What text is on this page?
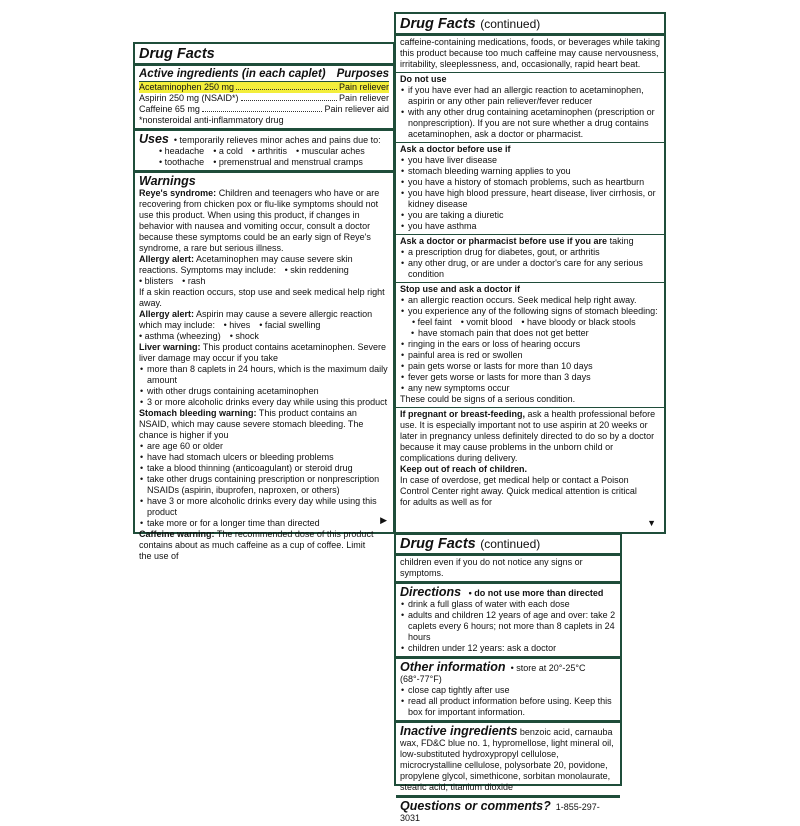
Drug Facts
Active ingredients (in each caplet) Purposes
Acetaminophen 250 mg	Pain reliever
Aspirin 250 mg (NSAID*)	Pain reliever
Caffeine 65 mg	Pain reliever aid
*nonsteroidal anti-inflammatory drug
Uses • temporarily relieves minor aches and pains due to:
• headache • a cold • arthritis • muscular aches
• toothache • premenstrual and menstrual cramps
Warnings
Reye's syndrome: Children and teenagers who have or are recovering from chicken pox or flu-like symptoms should not use this product. When using this product, if changes in behavior with nausea and vomiting occur, consult a doctor because these symptoms could be an early sign of Reye's syndrome, a rare but serious illness.
Allergy alert: Acetaminophen may cause severe skin reactions. Symptoms may include: • skin reddening• blisters • rash
If a skin reaction occurs, stop use and seek medical help right away.
Allergy alert: Aspirin may cause a severe allergic reaction which may include: • hives • facial swelling• asthma (wheezing) • shock
Liver warning: This product contains acetaminophen. Severe liver damage may occur if you take
• more than 8 caplets in 24 hours, which is the maximum daily amount
• with other drugs containing acetaminophen
• 3 or more alcoholic drinks every day while using this product
Stomach bleeding warning: This product contains an NSAID, which may cause severe stomach bleeding. The chance is higher if you
• are age 60 or older
• have had stomach ulcers or bleeding problems
• take a blood thinning (anticoagulant) or steroid drug
• take other drugs containing prescription or nonprescription NSAIDs (aspirin, ibuprofen, naproxen, or others)
• have 3 or more alcoholic drinks every day while using this product
• take more or for a longer time than directed
Caffeine warning: The recommended dose of this product contains about as much caffeine as a cup of coffee. Limit the use of
▶
Drug Facts (continued)
caffeine-containing medications, foods, or beverages while taking this product because too much caffeine may cause nervousness, irritability, sleeplessness, and, occasionally, rapid heart beat.
Do not use
• if you have ever had an allergic reaction to acetaminophen, aspirin or any other pain reliever/fever reducer
• with any other drug containing acetaminophen (prescription or nonprescription). If you are not sure whether a drug contains acetaminophen, ask a doctor or pharmacist.
Ask a doctor before use if
• you have liver disease
• stomach bleeding warning applies to you
• you have a history of stomach problems, such as heartburn
• you have high blood pressure, heart disease, liver cirrhosis, or kidney disease
• you are taking a diuretic
• you have asthma
Ask a doctor or pharmacist before use if you are taking
• a prescription drug for diabetes, gout, or arthritis
• any other drug, or are under a doctor's care for any serious condition
Stop use and ask a doctor if
• an allergic reaction occurs. Seek medical help right away.
• you experience any of the following signs of stomach bleeding:
• feel faint • vomit blood • have bloody or black stools
• have stomach pain that does not get better
• ringing in the ears or loss of hearing occurs
• painful area is red or swollen
• pain gets worse or lasts for more than 10 days
• fever gets worse or lasts for more than 3 days
• any new symptoms occur
These could be signs of a serious condition.
If pregnant or breast-feeding, ask a health professional before use. It is especially important not to use aspirin at 20 weeks or later in pregnancy unless definitely directed to do so by a doctor because it may cause problems in the unborn child or complications during delivery.
Keep out of reach of children.
In case of overdose, get medical help or contact a Poison Control Center right away. Quick medical attention is critical for adults as well as for
▼
Drug Facts (continued)
children even if you do not notice any signs or symptoms.
Directions • do not use more than directed
• drink a full glass of water with each dose
• adults and children 12 years of age and over: take 2 caplets every 6 hours; not more than 8 caplets in 24 hours
• children under 12 years: ask a doctor
Other information • store at 20°-25°C (68°-77°F)
• close cap tightly after use
• read all product information before using. Keep this box for important information.
Inactive ingredients benzoic acid, carnauba wax, FD&C blue no. 1, hypromellose, light mineral oil, low-substituted hydroxypropyl cellulose, microcrystalline cellulose, polysorbate 20, povidone, propylene glycol, simethicone, sorbitan monolaurate, stearic acid, titanium dioxide
Questions or comments? 1-855-297-3031
